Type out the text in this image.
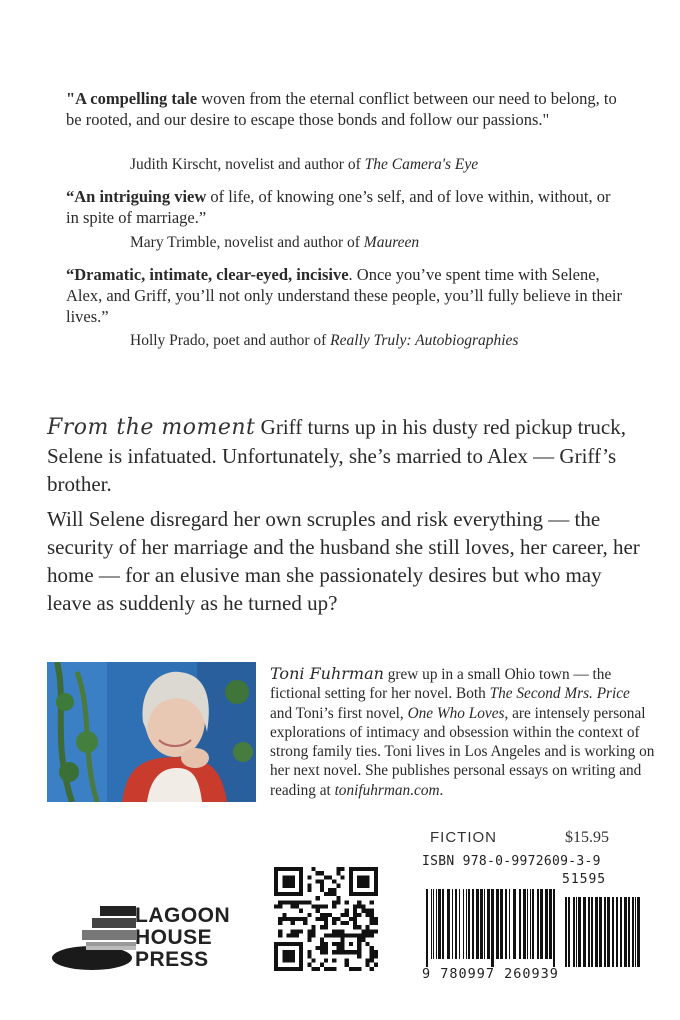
"A compelling tale woven from the eternal conflict between our need to belong, to be rooted, and our desire to escape those bonds and follow our passions."
Judith Kirscht, novelist and author of The Camera's Eye
“An intriguing view of life, of knowing one’s self, and of love within, without, or in spite of marriage.”
Mary Trimble, novelist and author of Maureen
“Dramatic, intimate, clear-eyed, incisive. Once you’ve spent time with Selene, Alex, and Griff, you’ll not only understand these people, you’ll fully believe in their lives.”
Holly Prado, poet and author of Really Truly: Autobiographies
From the moment Griff turns up in his dusty red pickup truck, Selene is infatuated. Unfortunately, she’s married to Alex — Griff’s brother.
Will Selene disregard her own scruples and risk everything — the security of her marriage and the husband she still loves, her career, her home — for an elusive man she passionately desires but who may leave as suddenly as he turned up?
Toni Fuhrman grew up in a small Ohio town — the fictional setting for her novel. Both The Second Mrs. Price and Toni’s first novel, One Who Loves, are intensely personal explorations of intimacy and obsession within the context of strong family ties. Toni lives in Los Angeles and is working on her next novel. She publishes personal essays on writing and reading at tonifuhrman.com.
LAGOON
HOUSE
PRESS
FICTION	$15.95
ISBN 978-0-9972609-3-9
51595
9 780997 260939
